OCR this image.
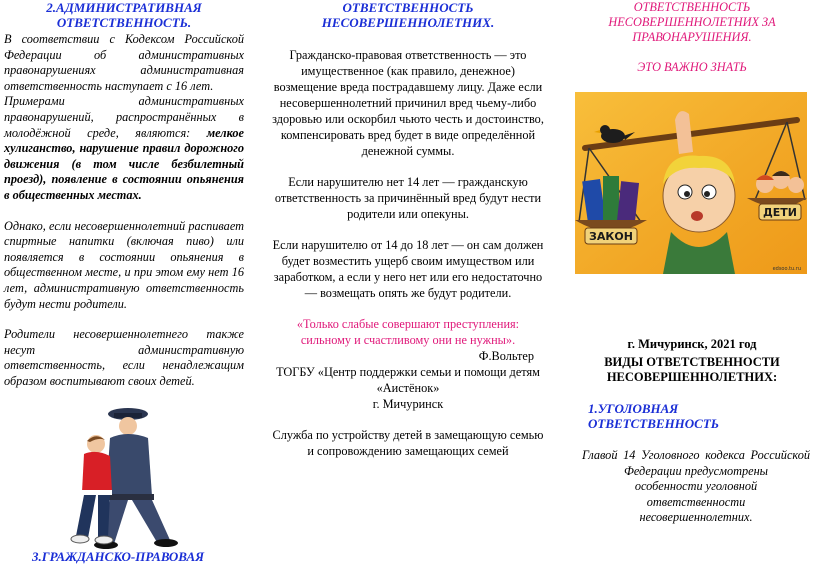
2.АДМИНИСТРАТИВНАЯ ОТВЕТСТВЕННОСТЬ.

В соответствии с Кодексом Российской Федерации об административных правонарушениях административная ответственность наступает с 16 лет.

Примерами административных правонарушений, распространённых в молодёжной среде, являются: мелкое хулиганство, нарушение правил дорожного движения (в том числе безбилетный проезд), появление в состоянии опьянения в общественных местах.

Однако, если несовершеннолетний распивает спиртные напитки (включая пиво) или появляется в состоянии опьянения в общественном месте, и при этом ему нет 16 лет, административную ответственность будут нести родители.

Родители несовершеннолетнего также несут административную ответственность, если ненадлежащим образом воспитывают своих детей.

3.ГРАЖДАНСКО-ПРАВОВАЯ
ОТВЕТСТВЕННОСТЬ НЕСОВЕРШЕННОЛЕТНИХ.

Гражданско-правовая ответственность — это имущественное (как правило, денежное) возмещение вреда пострадавшему лицу. Даже если несовершеннолетний причинил вред чьему-либо здоровью или оскорбил чьюто честь и достоинство, компенсировать вред будет в виде определённой денежной суммы.

Если нарушителю нет 14 лет — гражданскую ответственность за причинённый вред будут нести родители или опекуны.

Если нарушителю от 14 до 18 лет — он сам должен будет возместить ущерб своим имуществом или заработком, а если у него нет или его недостаточно — возмещать опять же будут родители.

«Только слабые совершают преступления: сильному и счастливому они не нужны».

Ф.Вольтер

ТОГБУ «Центр поддержки семьи и помощи детям «Аистёнок»

г. Мичуринск

Служба по устройству детей в замещающую семью и сопровождению замещающих семей

ОТВЕТСТВЕННОСТЬ

НЕСОВЕРШЕННОЛЕТНИХ ЗА

ПРАВОНАРУШЕНИЯ.

ЭТО ВАЖНО ЗНАТЬ

ЗАКОН
ДЕТИ
edsoo.tu.ru
г. Мичуринск, 2021 год
ВИДЫ ОТВЕТСТВЕННОСТИ НЕСОВЕРШЕННОЛЕТНИХ:
1.УГОЛОВНАЯ ОТВЕТСТВЕННОСТЬ

Главой 14 Уголовного кодекса Российской

Федерации предусмотрены особенности уголовной ответственности несовершеннолетних.
